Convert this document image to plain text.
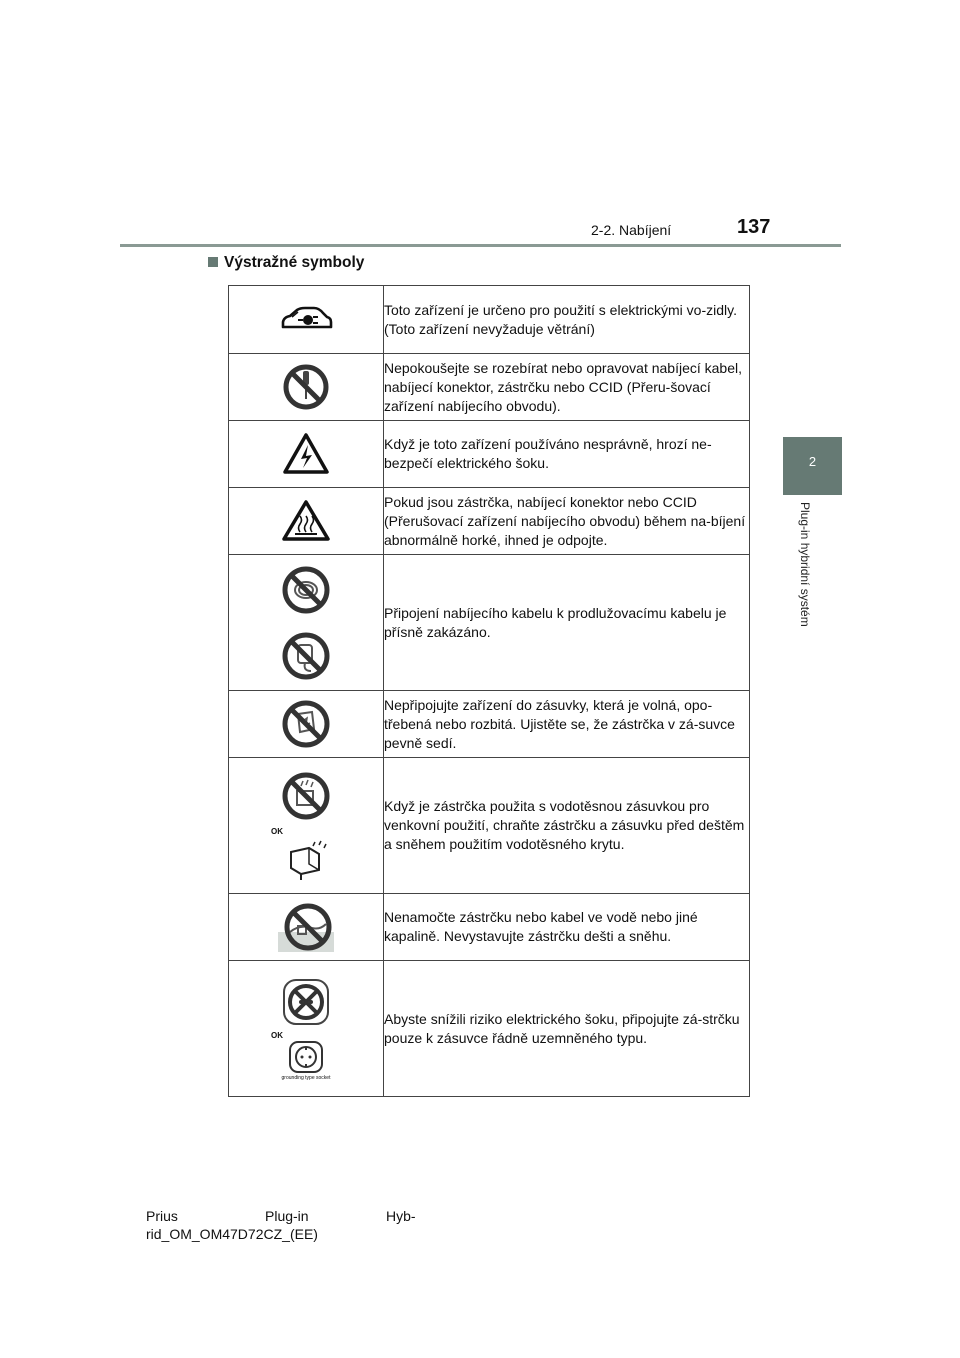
2-2. Nabíjení	137
2
Plug-in hybridní systém
Výstražné symboly
	Toto zařízení je určeno pro použití s elektrickými vo-zidly. (Toto zařízení nevyžaduje větrání)

	Nepokoušejte se rozebírat nebo opravovat nabíjecí kabel, nabíjecí konektor, zástrčku nebo CCID (Přeru-šovací zařízení nabíjecího obvodu).

	Když je toto zařízení používáno nesprávně, hrozí ne-bezpečí elektrického šoku.

	Pokud jsou zástrčka, nabíjecí konektor nebo CCID (Přerušovací zařízení nabíjecího obvodu) během na-bíjení abnormálně horké, ihned je odpojte.

	Připojení nabíjecího kabelu k prodlužovacímu kabelu je přísně zakázáno.

	Nepřipojujte zařízení do zásuvky, která je volná, opo-třebená nebo rozbitá. Ujistěte se, že zástrčka v zá-suvce pevně sedí.

OK	Když je zástrčka použita s vodotěsnou zásuvkou pro venkovní použití, chraňte zástrčku a zásuvku před deštěm a sněhem použitím vodotěsného krytu.

	Nenamočte zástrčku nebo kabel ve vodě nebo jiné kapalině. Nevystavujte zástrčku dešti a sněhu.

OK
grounding type socket	Abyste snížili riziko elektrického šoku, připojujte zá-strčku pouze k zásuvce řádně uzemněného typu.
Prius	Plug-in	Hyb-
rid_OM_OM47D72CZ_(EE)
